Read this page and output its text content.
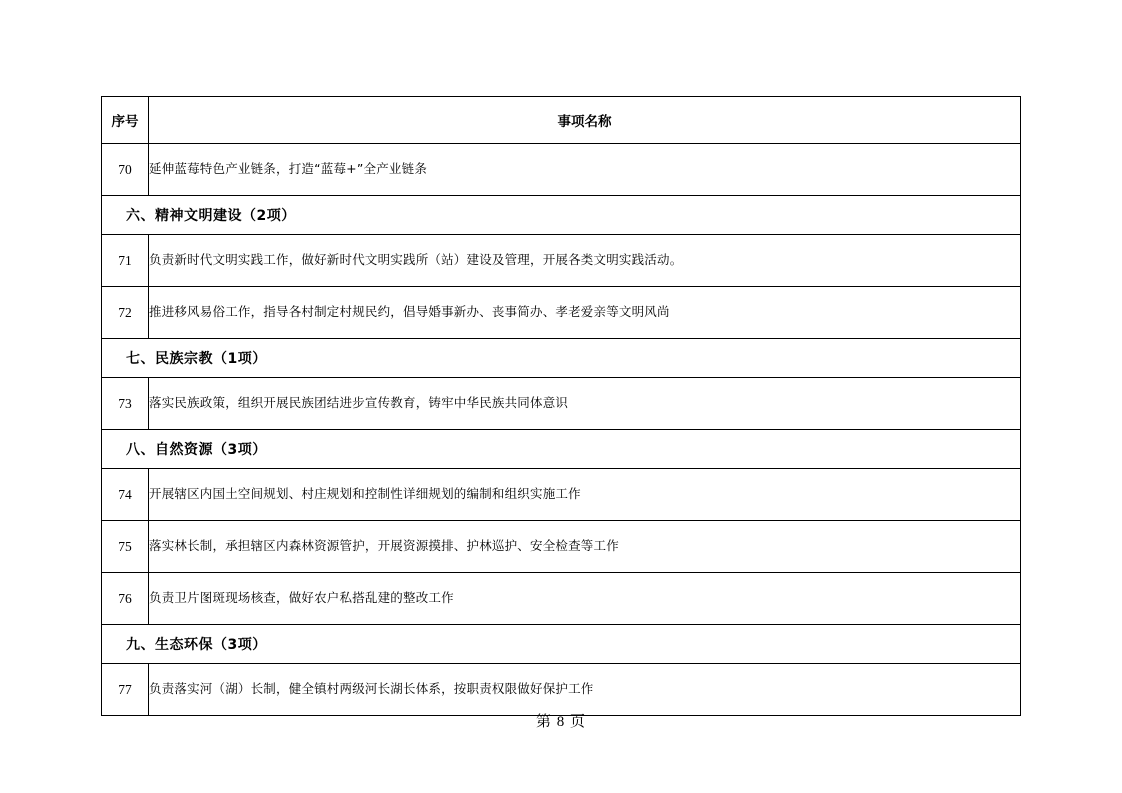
序号	事项名称
70	延伸蓝莓特色产业链条，打造“蓝莓+”全产业链条
六、精神文明建设（2项）	
71	负责新时代文明实践工作，做好新时代文明实践所（站）建设及管理，开展各类文明实践活动。
72	推进移风易俗工作，指导各村制定村规民约，倡导婚事新办、丧事简办、孝老爱亲等文明风尚
七、民族宗教（1项）	
73	落实民族政策，组织开展民族团结进步宣传教育，铸牢中华民族共同体意识
八、自然资源（3项）	
74	开展辖区内国土空间规划、村庄规划和控制性详细规划的编制和组织实施工作
75	落实林长制，承担辖区内森林资源管护，开展资源摸排、护林巡护、安全检查等工作
76	负责卫片图斑现场核查，做好农户私搭乱建的整改工作
九、生态环保（3项）	
77	负责落实河（湖）长制，健全镇村两级河长湖长体系，按职责权限做好保护工作
第 8 页
